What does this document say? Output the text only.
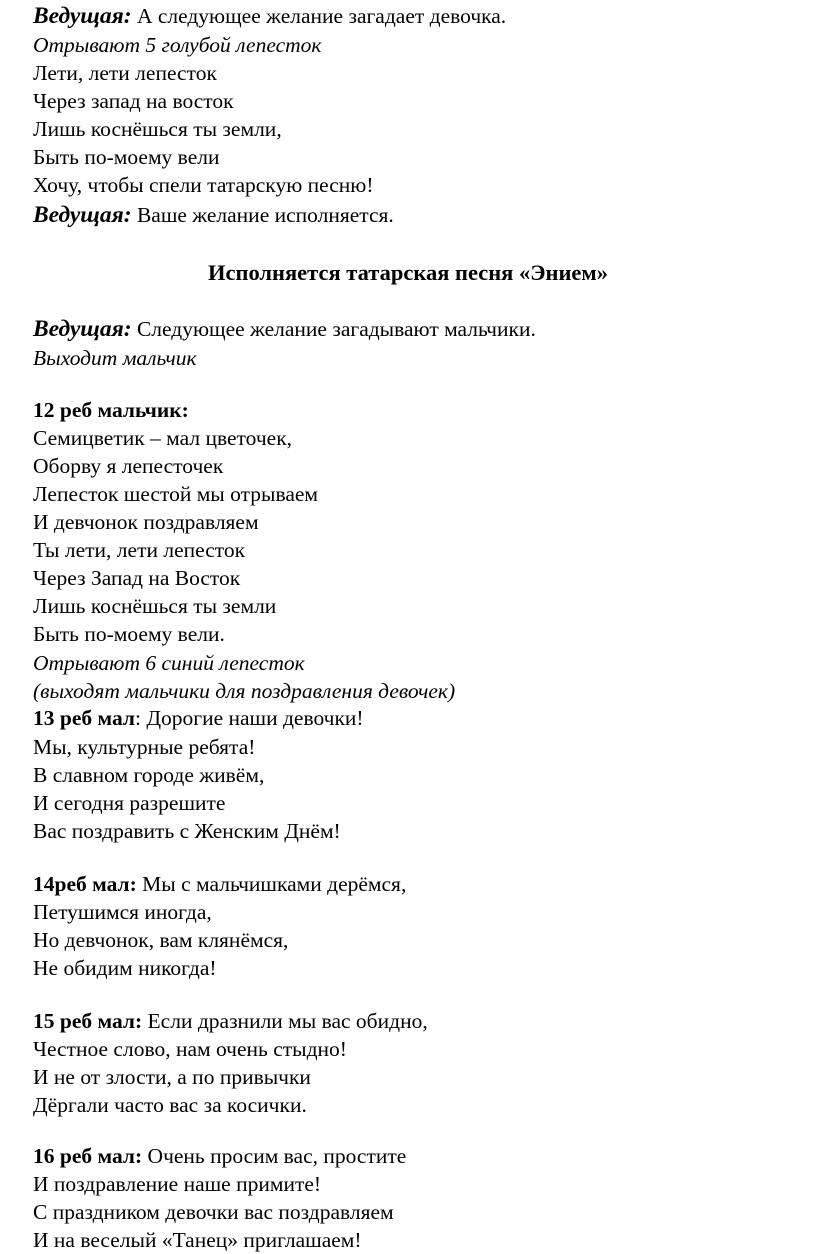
Ведущая: А следующее желание загадает девочка.

Отрывают 5 голубой лепесток

Лети, лети лепесток

Через запад на восток

Лишь коснёшься ты земли,

Быть по-моему вели

Хочу, чтобы спели татарскую песню!

Ведущая: Ваше желание исполняется.

Исполняется татарская песня «Энием»

Ведущая: Следующее желание загадывают мальчики.

Выходит мальчик

12 реб мальчик:

Семицветик – мал цветочек,

Оборву я лепесточек

Лепесток шестой мы отрываем

И девчонок поздравляем

Ты лети, лети лепесток

Через Запад на Восток

Лишь коснёшься ты земли

Быть по-моему вели.

Отрывают 6 синий лепесток

(выходят мальчики для поздравления девочек)

13 реб мал: Дорогие наши девочки!

Мы, культурные ребята!

В славном городе живём,

И сегодня разрешите

Вас поздравить с Женским Днём!

14реб мал: Мы с мальчишками дерёмся,

Петушимся иногда,

Но девчонок, вам клянёмся,

Не обидим никогда!

15 реб мал: Если дразнили мы вас обидно,

Честное слово, нам очень стыдно!

И не от злости, а по привычки

Дёргали часто вас за косички.

16 реб мал: Очень просим вас, простите

И поздравление наше примите!

С праздником девочки вас поздравляем

И на веселый «Танец» приглашаем!
